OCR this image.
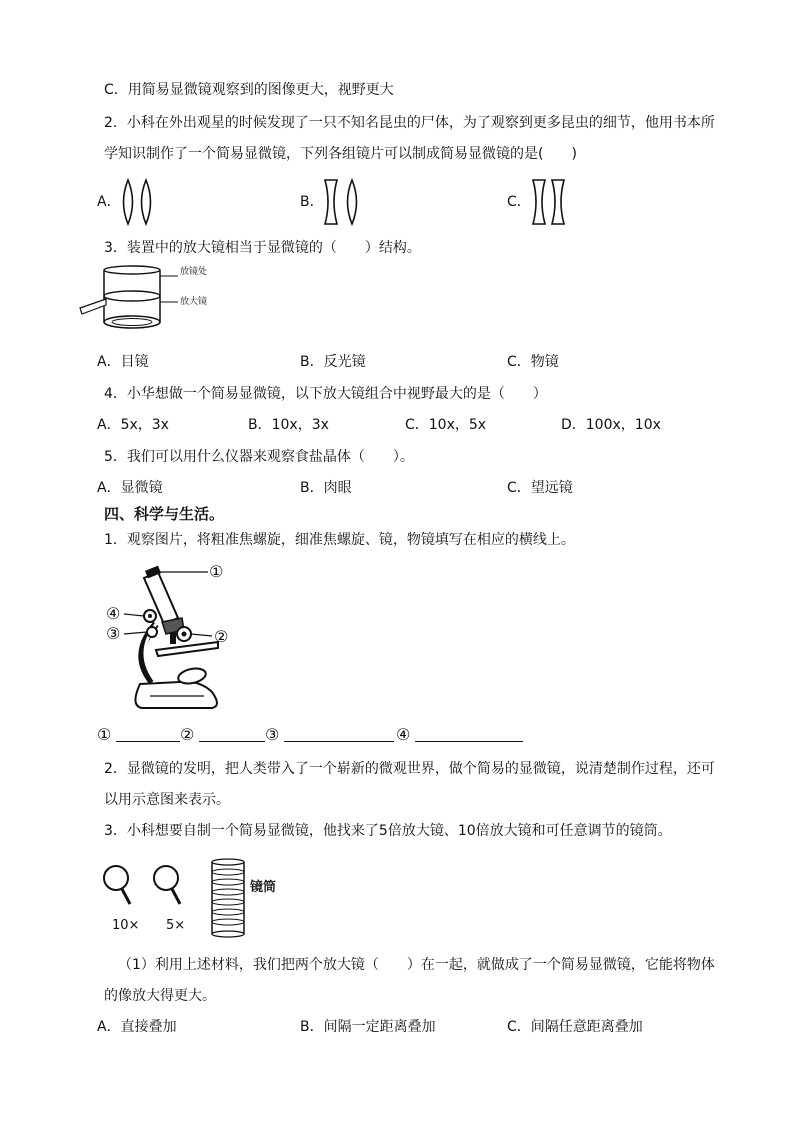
C．用简易显微镜观察到的图像更大，视野更大
2．小科在外出观星的时候发现了一只不知名昆虫的尸体，为了观察到更多昆虫的细节，他用书本所
学知识制作了一个简易显微镜，下列各组镜片可以制成简易显微镜的是(　　)
A．	B．	C．
3．装置中的放大镜相当于显微镜的（　　）结构。
放镜处
放大镜
A．目镜	B．反光镜	C．物镜
4．小华想做一个简易显微镜，以下放大镜组合中视野最大的是（　　）
A．5x，3x	B．10x，3x	C．10x，5x	D．100x，10x
5．我们可以用什么仪器来观察食盐晶体（　　）。
A．显微镜	B．肉眼	C．望远镜
四、科学与生活。
1．观察图片，将粗准焦螺旋，细准焦螺旋、镜，物镜填写在相应的横线上。
①
②
③
④
①	②	③	④
2．显微镜的发明，把人类带入了一个崭新的微观世界，做个简易的显微镜，说清楚制作过程，还可
以用示意图来表示。
3．小科想要自制一个简易显微镜，他找来了5倍放大镜、10倍放大镜和可任意调节的镜筒。
镜筒
10× 5×
（1）利用上述材料，我们把两个放大镜（　　）在一起，就做成了一个简易显微镜，它能将物体
的像放大得更大。
A．直接叠加	B．间隔一定距离叠加	C．间隔任意距离叠加
